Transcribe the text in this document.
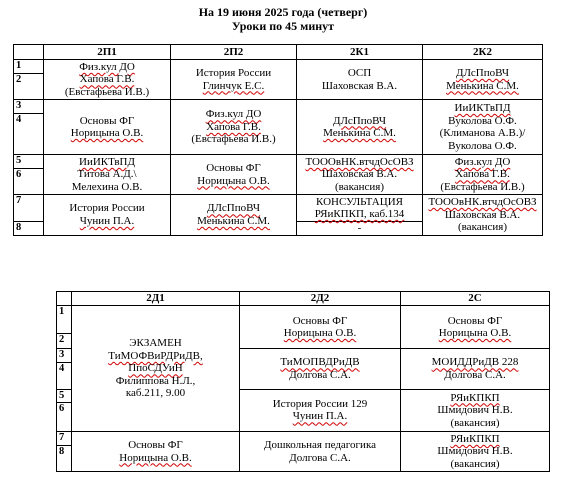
На 19 июня 2025 года (четверг)
Уроки по 45 минут
	2П1	2П2	2К1	2К2
1	Физ.кул ДО
Хапова Г.В.
(Евстафьева И.В.)	История России
Глинчук Е.С.	ОСП
Шаховская В.А.	ДЛсПпоВЧ
Менькина С.М.

2				
3	Основы ФГ
Норицына О.В.	Физ.кул ДО
Хапова Г.В.
(Евстафьева И.В.)	ДЛсПпоВЧ
Менькина С.М.	ИиИКТвПД
Вуколова О.Ф.
(Климанова А.В.)/
Вуколова О.Ф.

4				
5	ИиИКТвПД
Титова А.Д.\
Мелехина О.В.	Основы ФГ
Норицына О.В.	ТОООвНК.втчдОсОВЗ
Шаховская В.А.
(вакансия)	Физ.кул ДО
Хапова Г.В.
(Евстафьева И.В.)

6				
7	История России
Чунин П.А.	ДЛсПпоВЧ
Менькина С.М.	КОНСУЛЬТАЦИЯ
РЯиКПКП, каб.134	ТОООвНК.втчдОсОВЗ
Шаховская В.А.
(вакансия)

8			-	
	2Д1	2Д2	2С
1	ЭКЗАМЕН
ТиМОФВиРДРиДВ,
ПпоСДУиН
Филиппова Н.Л.,
каб.211, 9.00	Основы ФГ
Норицына О.В.	Основы ФГ
Норицына О.В.

2			
3		ТиМОПВДРиДВ
Долгова С.А.	МОИДДРиДВ 228
Долгова С.А.

4			
5		История России 129
Чунин П.А.	РЯиКПКП
Шмидович Н.В.
(вакансия)

6			
7	Основы ФГ
Норицына О.В.	Дошкольная педагогика
Долгова С.А.	РЯиКПКП
Шмидович Н.В.
(вакансия)

8			
